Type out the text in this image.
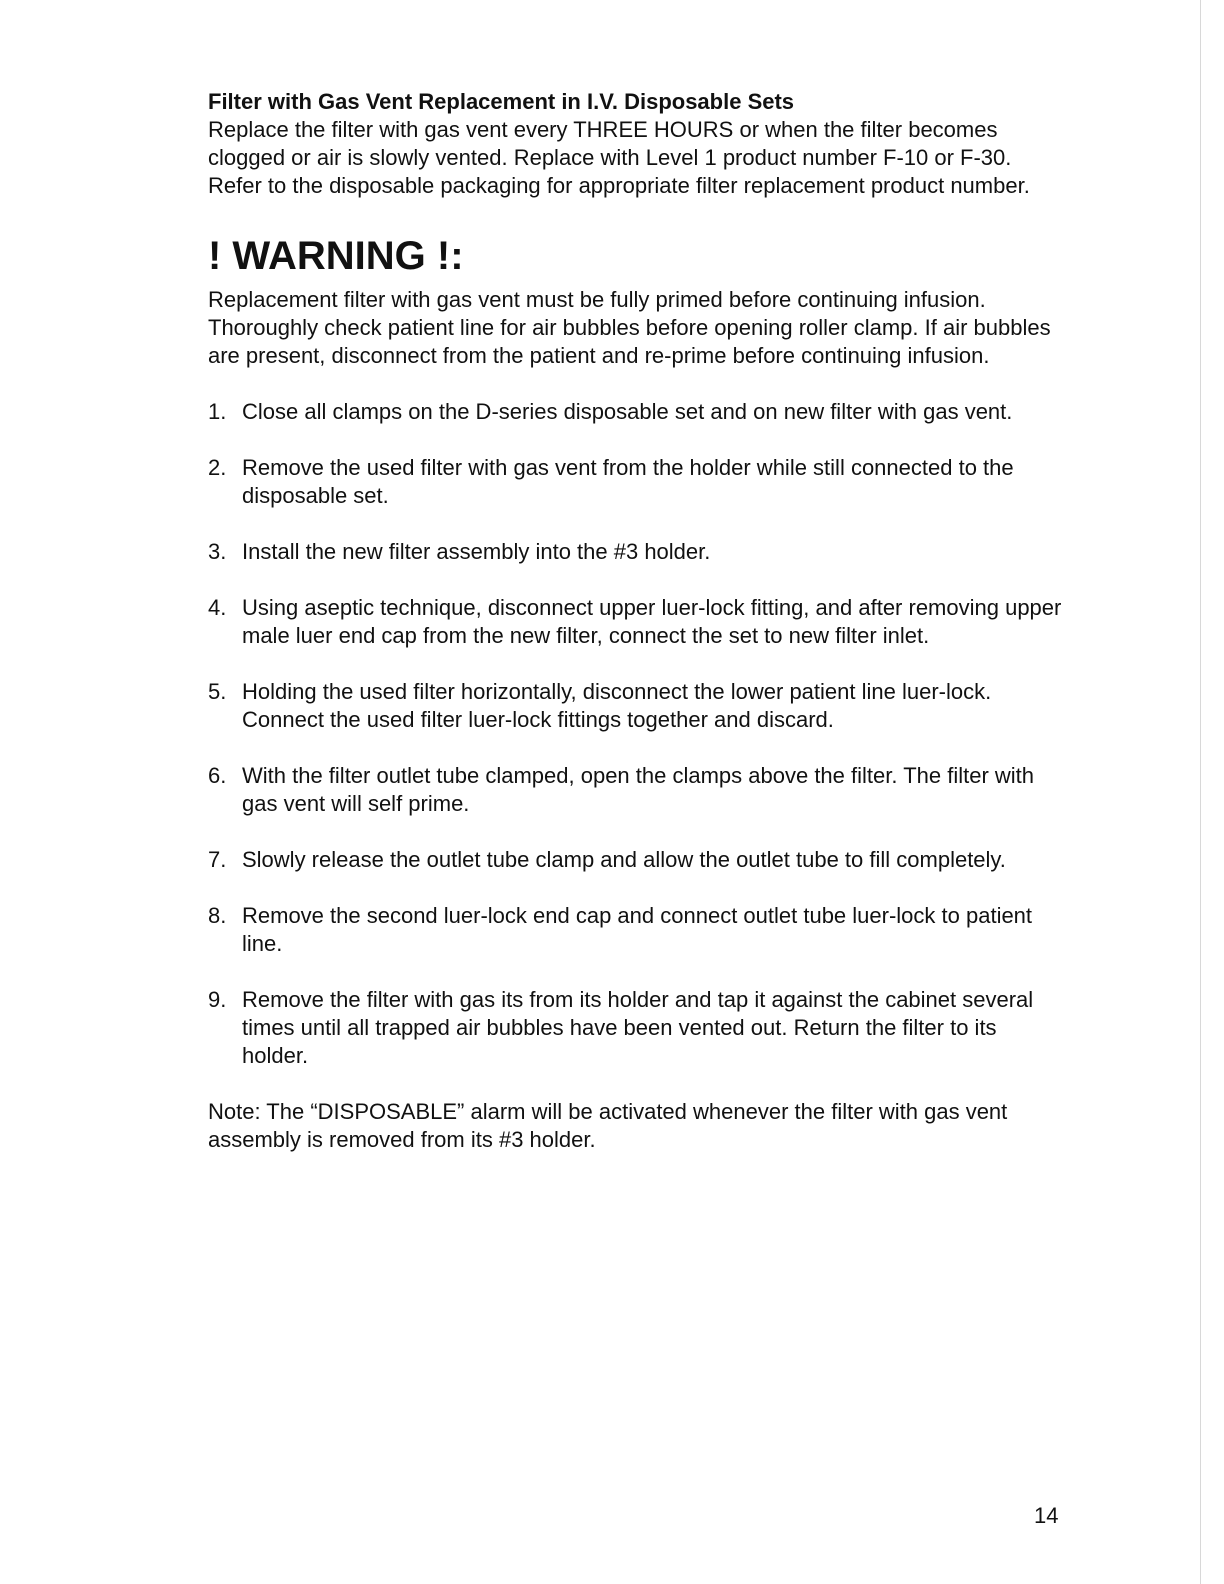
Filter with Gas Vent Replacement in I.V. Disposable Sets

Replace the filter with gas vent every THREE HOURS or when the filter becomes clogged or air is slowly vented. Replace with Level 1 product number F-10 or F-30. Refer to the disposable packaging for appropriate filter replacement product number.

! WARNING !:

Replacement filter with gas vent must be fully primed before continuing infusion. Thoroughly check patient line for air bubbles before opening roller clamp. If air bubbles are present, disconnect from the patient and re-prime before continuing infusion.

1. Close all clamps on the D-series disposable set and on new filter with gas vent.
2. Remove the used filter with gas vent from the holder while still connected to the disposable set.
3. Install the new filter assembly into the #3 holder.
4. Using aseptic technique, disconnect upper luer-lock fitting, and after removing upper male luer end cap from the new filter, connect the set to new filter inlet.
5. Holding the used filter horizontally, disconnect the lower patient line luer-lock. Connect the used filter luer-lock fittings together and discard.
6. With the filter outlet tube clamped, open the clamps above the filter. The filter with gas vent will self prime.
7. Slowly release the outlet tube clamp and allow the outlet tube to fill completely.
8. Remove the second luer-lock end cap and connect outlet tube luer-lock to patient line.
9. Remove the filter with gas its from its holder and tap it against the cabinet several times until all trapped air bubbles have been vented out. Return the filter to its holder.

Note: The “DISPOSABLE” alarm will be activated whenever the filter with gas vent assembly is removed from its #3 holder.

14
